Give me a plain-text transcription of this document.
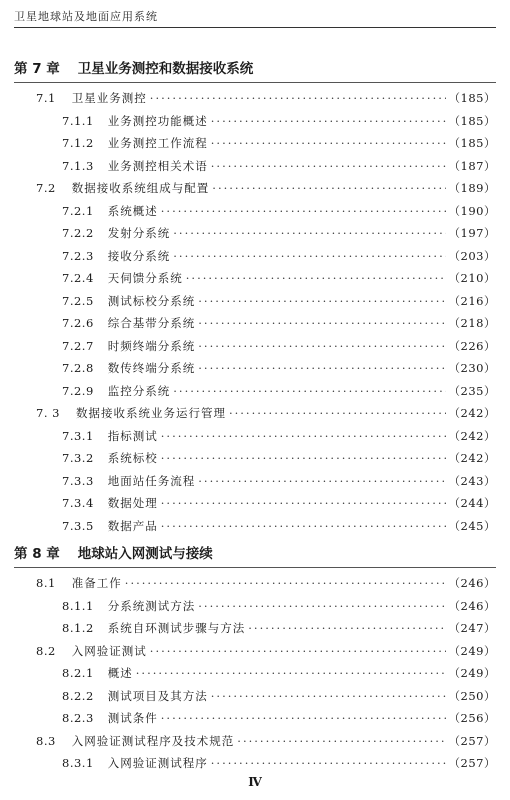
卫星地球站及地面应用系统
第 7 章 卫星业务测控和数据接收系统
7.1 卫星业务测控 ·····	（185）
7.1.1 业务测控功能概述 ·····	（185）
7.1.2 业务测控工作流程 ·····	（185）
7.1.3 业务测控相关术语 ·····	（187）
7.2 数据接收系统组成与配置 ·····	（189）
7.2.1 系统概述 ·····	（190）
7.2.2 发射分系统 ·····	（197）
7.2.3 接收分系统 ·····	（203）
7.2.4 天伺馈分系统 ·····	（210）
7.2.5 测试标校分系统 ·····	（216）
7.2.6 综合基带分系统 ·····	（218）
7.2.7 时频终端分系统 ·····	（226）
7.2.8 数传终端分系统 ·····	（230）
7.2.9 监控分系统 ·····	（235）
7. 3 数据接收系统业务运行管理 ·····	（242）
7.3.1 指标测试 ·····	（242）
7.3.2 系统标校 ·····	（242）
7.3.3 地面站任务流程 ·····	（243）
7.3.4 数据处理 ·····	（244）
7.3.5 数据产品 ·····	（245）
第 8 章 地球站入网测试与接续
8.1 准备工作 ·····	（246）
8.1.1 分系统测试方法 ·····	（246）
8.1.2 系统自环测试步骤与方法 ·····	（247）
8.2 入网验证测试 ·····	（249）
8.2.1 概述 ·····	（249）
8.2.2 测试项目及其方法 ·····	（250）
8.2.3 测试条件 ·····	（256）
8.3 入网验证测试程序及技术规范 ·····	（257）
8.3.1 入网验证测试程序 ·····	（257）
Ⅳ
